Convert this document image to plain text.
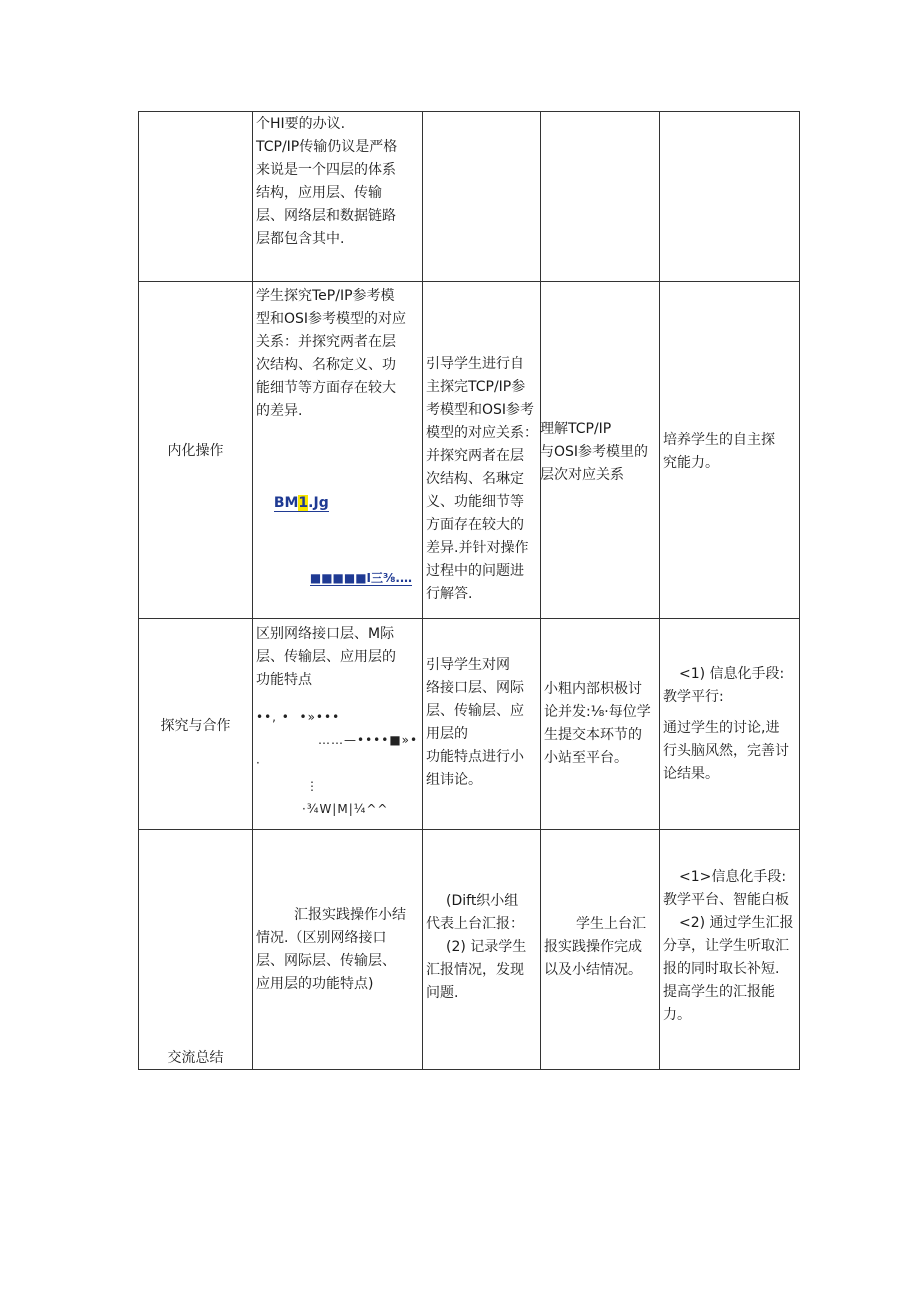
个HI要的办议.

TCP/IP传输仍议是严格

来说是一个四层的体系

结构，应用层、传输

层、网络层和数据链路

层都包含其中.

内化操作

学生探究TeP/IP参考模

型和OSI参考模型的对应

关系：并探究两者在层

次结构、名称定义、功

能细节等方面存在较大

的差异.

BM1.Jg

■■■■■I三⅜.…

引导学生进行自

主探完TCP/IP参

考模型和OSI参考

模型的对应关系：

并探究两者在层

次结构、名琳定

义、功能细节等

方面存在较大的

差异.并针对操作

过程中的问题进

行解答.

理解TCP/IP

与OSI参考模里的

层次对应关系

培养学生的自主探

究能力。

探究与合作

区别网络接口层、M际

层、传输层、应用层的

功能特点

••, •  •»•••

……—••••■»•

·

⋮

·¾W|M|¼^^

引导学生对网

络接口层、网际

层、传输层、应

用层的

功能特点进行小

组讳论。

小粗内部枳极讨

论并发:⅛·每位学

生提交本环节的

小站至平台。

<1) 信息化手段:

教学平行:

通过学生的讨论,进

行头脑风然，完善讨

论结果。

交流总结

汇报实践操作小结

情况.（区别网络接口

层、网际层、传输层、

应用层的功能特点)

(Dift织小组

代表上台汇报：

(2) 记录学生

汇报情况，发现

问题.

学生上台汇

报实践操作完成

以及小结情况。

<1>信息化手段:

教学平台、智能白板

<2) 通过学生汇报

分享，让学生听取汇

报的同时取长补短.

提高学生的汇报能

力。
